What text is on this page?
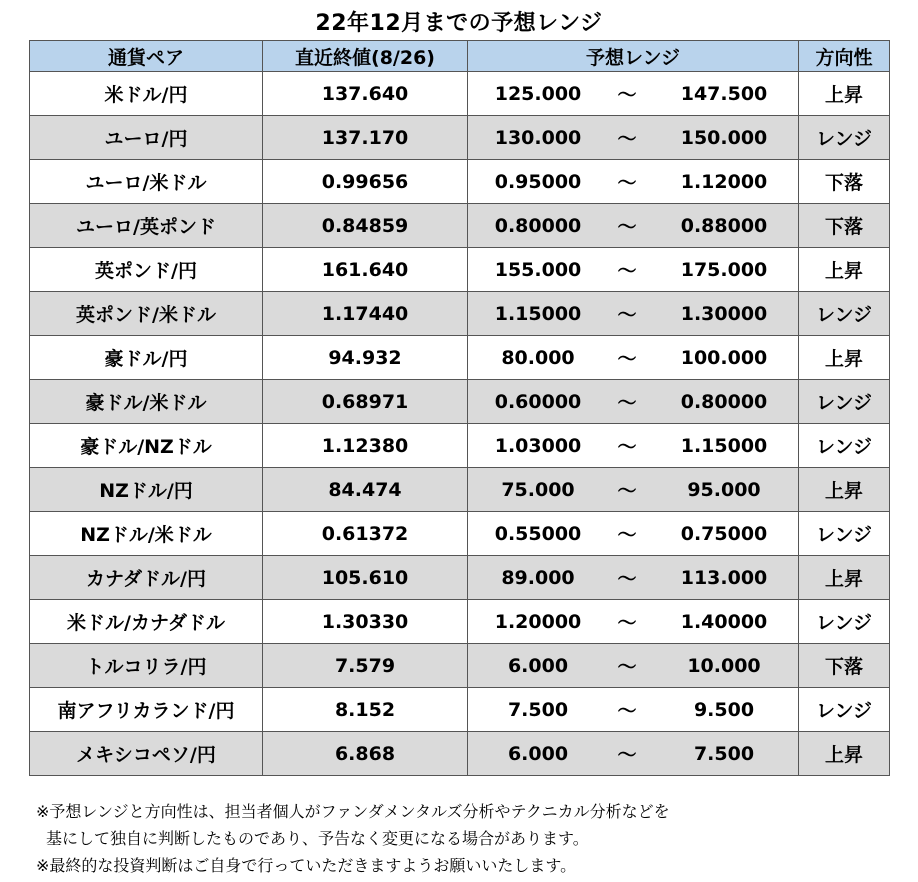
22年12月までの予想レンジ
通貨ペア	直近終値(8/26)	予想レンジ	方向性
米ドル/円	137.640	125.000 〜 147.500	上昇
ユーロ/円	137.170	130.000 〜 150.000	レンジ
ユーロ/米ドル	0.99656	0.95000 〜 1.12000	下落
ユーロ/英ポンド	0.84859	0.80000 〜 0.88000	下落
英ポンド/円	161.640	155.000 〜 175.000	上昇
英ポンド/米ドル	1.17440	1.15000 〜 1.30000	レンジ
豪ドル/円	94.932	80.000 〜 100.000	上昇
豪ドル/米ドル	0.68971	0.60000 〜 0.80000	レンジ
豪ドル/NZドル	1.12380	1.03000 〜 1.15000	レンジ
NZドル/円	84.474	75.000 〜 95.000	上昇
NZドル/米ドル	0.61372	0.55000 〜 0.75000	レンジ
カナダドル/円	105.610	89.000 〜 113.000	上昇
米ドル/カナダドル	1.30330	1.20000 〜 1.40000	レンジ
トルコリラ/円	7.579	6.000 〜 10.000	下落
南アフリカランド/円	8.152	7.500 〜 9.500	レンジ
メキシコペソ/円	6.868	6.000 〜 7.500	上昇
※予想レンジと方向性は、担当者個人がファンダメンタルズ分析やテクニカル分析などを
基にして独自に判断したものであり、予告なく変更になる場合があります。
※最終的な投資判断はご自身で行っていただきますようお願いいたします。
